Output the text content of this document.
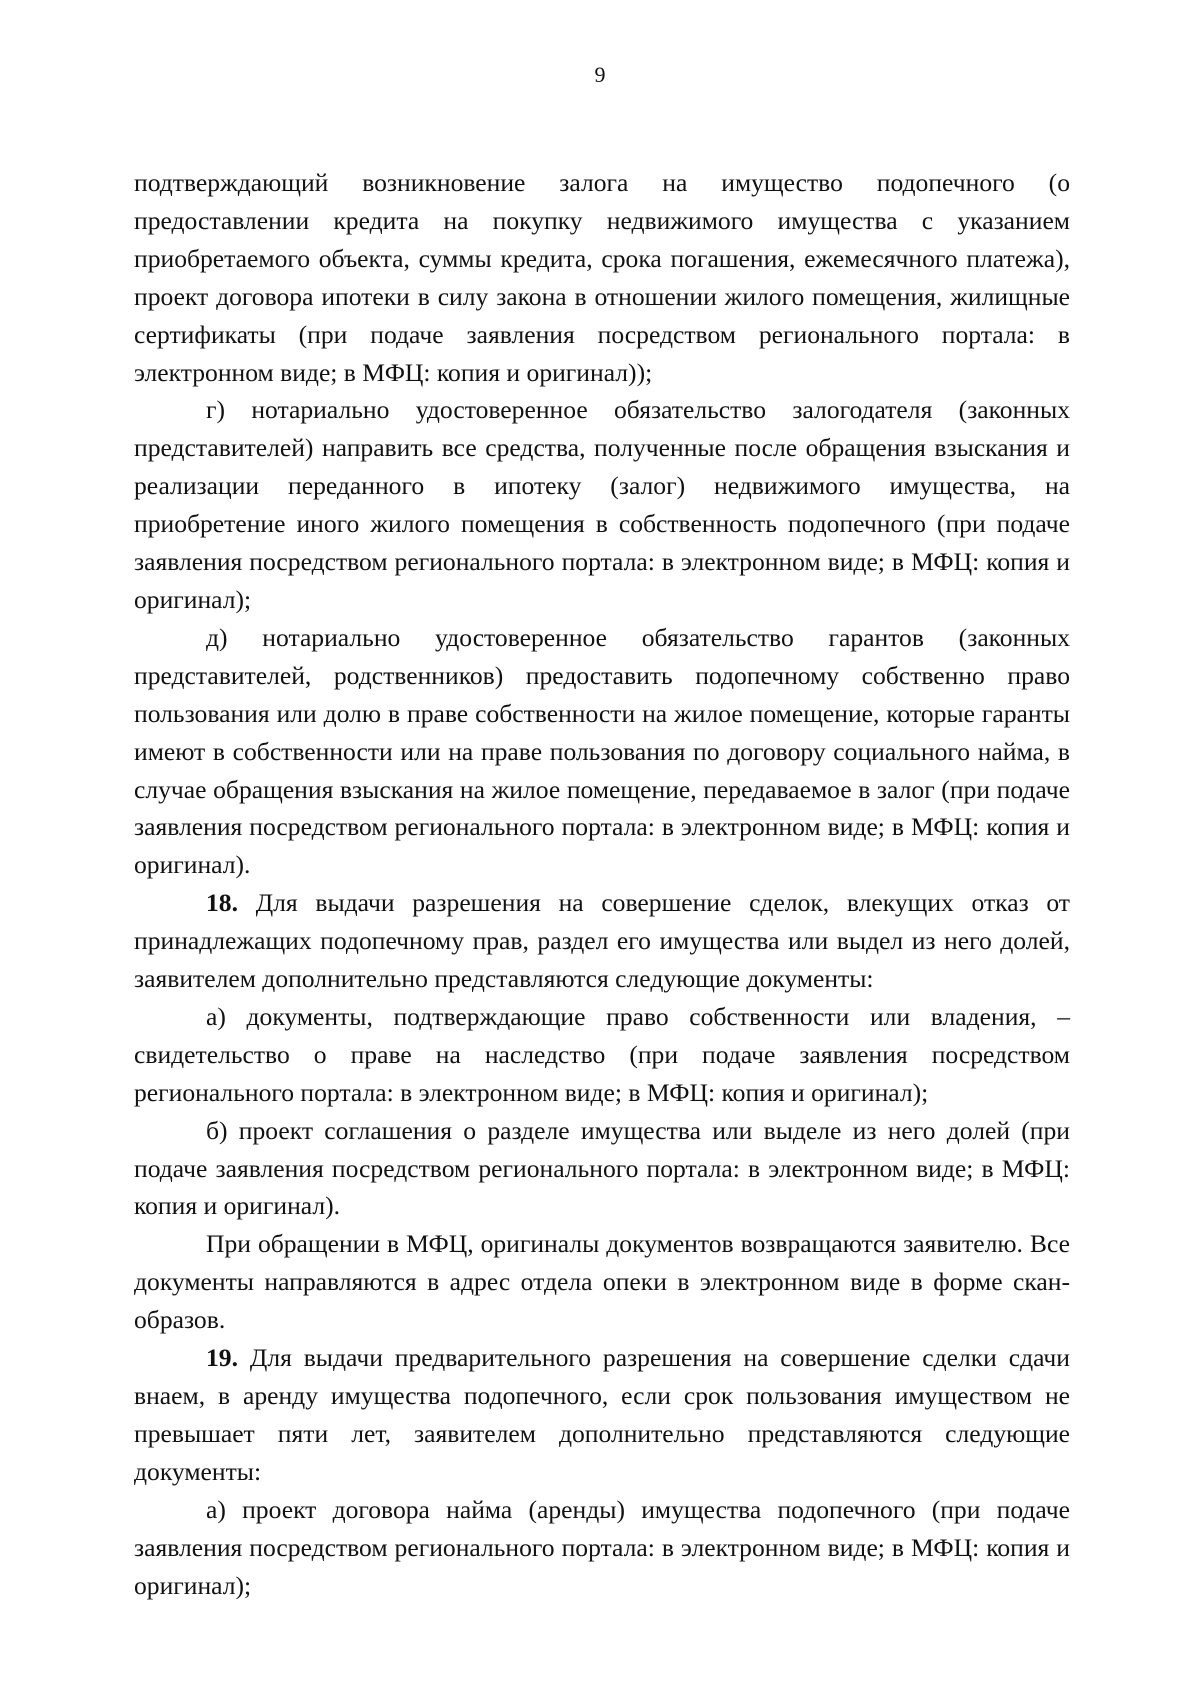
9

подтверждающий возникновение залога на имущество подопечного (о предоставлении кредита на покупку недвижимого имущества с указанием приобретаемого объекта, суммы кредита, срока погашения, ежемесячного платежа), проект договора ипотеки в силу закона в отношении жилого помещения, жилищные сертификаты (при подаче заявления посредством регионального портала: в электронном виде; в МФЦ: копия и оригинал));

г) нотариально удостоверенное обязательство залогодателя (законных представителей) направить все средства, полученные после обращения взыскания и реализации переданного в ипотеку (залог) недвижимого имущества, на приобретение иного жилого помещения в собственность подопечного (при подаче заявления посредством регионального портала: в электронном виде; в МФЦ: копия и оригинал);

д) нотариально удостоверенное обязательство гарантов (законных представителей, родственников) предоставить подопечному собственно право пользования или долю в праве собственности на жилое помещение, которые гаранты имеют в собственности или на праве пользования по договору социального найма, в случае обращения взыскания на жилое помещение, передаваемое в залог (при подаче заявления посредством регионального портала: в электронном виде; в МФЦ: копия и оригинал).

18. Для выдачи разрешения на совершение сделок, влекущих отказ от принадлежащих подопечному прав, раздел его имущества или выдел из него долей, заявителем дополнительно представляются следующие документы:

а) документы, подтверждающие право собственности или владения, – свидетельство о праве на наследство (при подаче заявления посредством регионального портала: в электронном виде; в МФЦ: копия и оригинал);

б) проект соглашения о разделе имущества или выделе из него долей (при подаче заявления посредством регионального портала: в электронном виде; в МФЦ: копия и оригинал).

При обращении в МФЦ, оригиналы документов возвращаются заявителю. Все документы направляются в адрес отдела опеки в электронном виде в форме скан-образов.

19. Для выдачи предварительного разрешения на совершение сделки сдачи внаем, в аренду имущества подопечного, если срок пользования имуществом не превышает пяти лет, заявителем дополнительно представляются следующие документы:

а) проект договора найма (аренды) имущества подопечного (при подаче заявления посредством регионального портала: в электронном виде; в МФЦ: копия и оригинал);
